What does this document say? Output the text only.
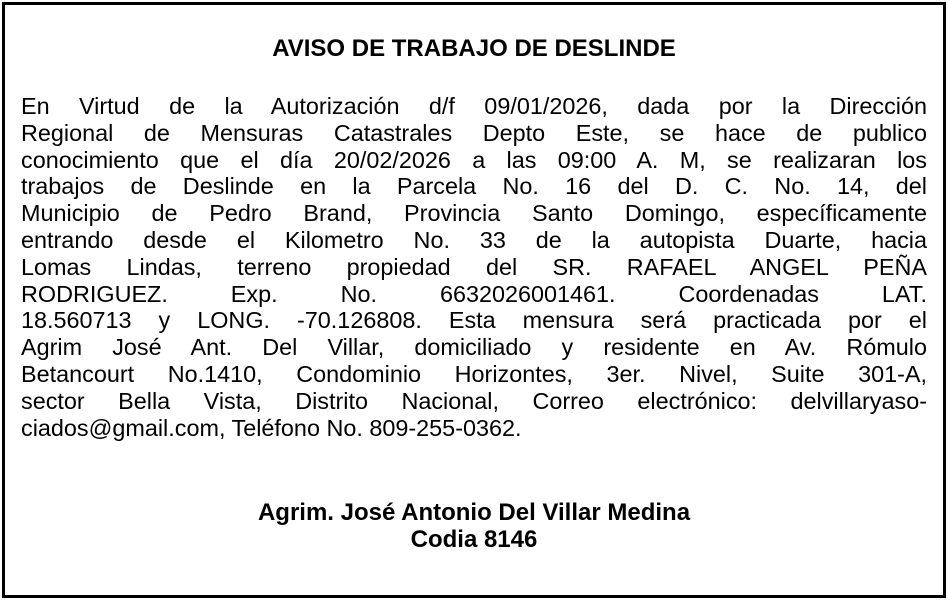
AVISO DE TRABAJO DE DESLINDE
En Virtud de la Autorización d/f 09/01/2026, dada por la Dirección
Regional de Mensuras Catastrales Depto Este, se hace de publico
conocimiento que el día 20/02/2026 a las 09:00 A. M, se realizaran los
trabajos de Deslinde en la Parcela No. 16 del D. C. No. 14, del
Municipio de Pedro Brand, Provincia Santo Domingo, específicamente
entrando desde el Kilometro No. 33 de la autopista Duarte, hacia
Lomas Lindas, terreno propiedad del SR. RAFAEL ANGEL PEÑA
RODRIGUEZ. Exp. No. 6632026001461. Coordenadas LAT.
18.560713 y LONG. -70.126808. Esta mensura será practicada por el
Agrim José Ant. Del Villar, domiciliado y residente en Av. Rómulo
Betancourt No.1410, Condominio Horizontes, 3er. Nivel, Suite 301-A,
sector Bella Vista, Distrito Nacional, Correo electrónico: delvillaryaso-
ciados@gmail.com, Teléfono No. 809-255-0362.
Agrim. José Antonio Del Villar Medina
Codia 8146
